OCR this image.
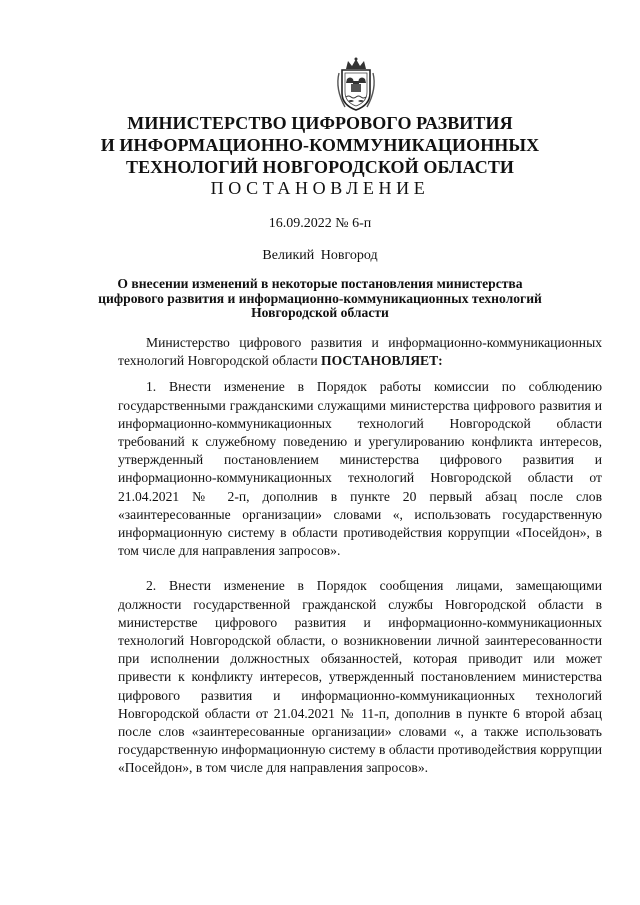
МИНИСТЕРСТВО ЦИФРОВОГО РАЗВИТИЯ
И ИНФОРМАЦИОННО-КОММУНИКАЦИОННЫХ
ТЕХНОЛОГИЙ НОВГОРОДСКОЙ ОБЛАСТИ
ПОСТАНОВЛЕНИЕ
16.09.2022 № 6-п
Великий Новгород
О внесении изменений в некоторые постановления министерства
цифрового развития и информационно-коммуникационных технологий
Новгородской области

Министерство цифрового развития и информационно-коммуникационных технологий Новгородской области ПОСТАНОВЛЯЕТ:

1. Внести изменение в Порядок работы комиссии по соблюдению государственными гражданскими служащими министерства цифрового развития и информационно-коммуникационных технологий Новгородской области требований к служебному поведению и урегулированию конфликта интересов, утвержденный постановлением министерства цифрового развития и информационно-коммуникационных технологий Новгородской области от 21.04.2021 № 2-п, дополнив в пункте 20 первый абзац после слов «заинтересованные организации» словами «, использовать государственную информационную систему в области противодействия коррупции «Посейдон», в том числе для направления запросов».

2. Внести изменение в Порядок сообщения лицами, замещающими должности государственной гражданской службы Новгородской области в министерстве цифрового развития и информационно-коммуникационных технологий Новгородской области, о возникновении личной заинтересованности при исполнении должностных обязанностей, которая приводит или может привести к конфликту интересов, утвержденный постановлением министерства цифрового развития и информационно-коммуникационных технологий Новгородской области от 21.04.2021 № 11-п, дополнив в пункте 6 второй абзац после слов «заинтересованные организации» словами «, а также использовать государственную информационную систему в области противодействия коррупции «Посейдон», в том числе для направления запросов».
